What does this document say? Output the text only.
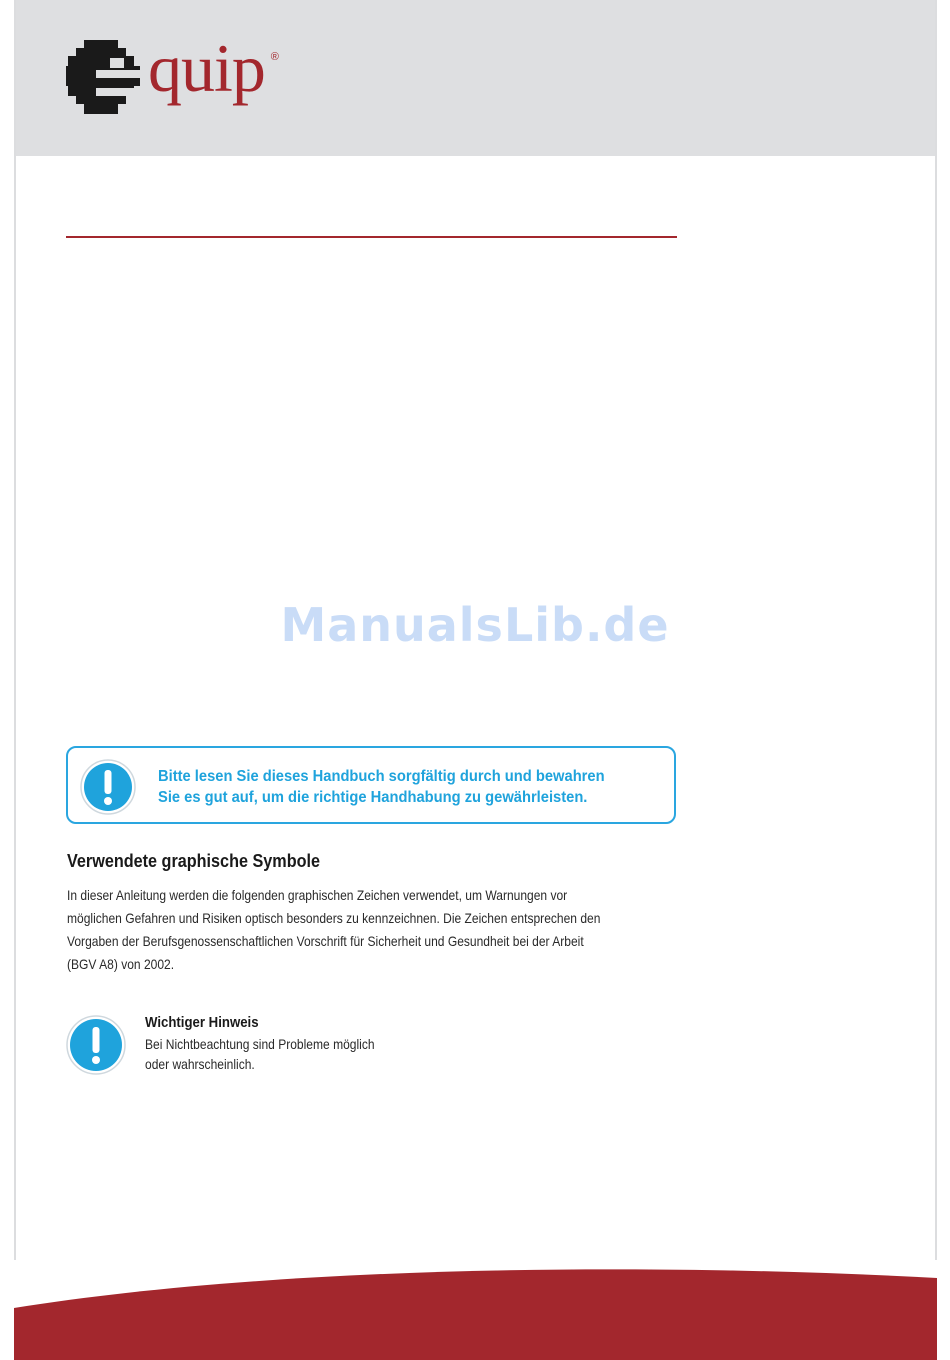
quip ®
ManualsLib.de
Bitte lesen Sie dieses Handbuch sorgfältig durch und bewahren
Sie es gut auf, um die richtige Handhabung zu gewährleisten.
Verwendete graphische Symbole
In dieser Anleitung werden die folgenden graphischen Zeichen verwendet, um Warnungen vor
möglichen Gefahren und Risiken optisch besonders zu kennzeichnen. Die Zeichen entsprechen den
Vorgaben der Berufsgenossenschaftlichen Vorschrift für Sicherheit und Gesundheit bei der Arbeit
(BGV A8) von 2002.
Wichtiger Hinweis
Bei Nichtbeachtung sind Probleme möglich
oder wahrscheinlich.
